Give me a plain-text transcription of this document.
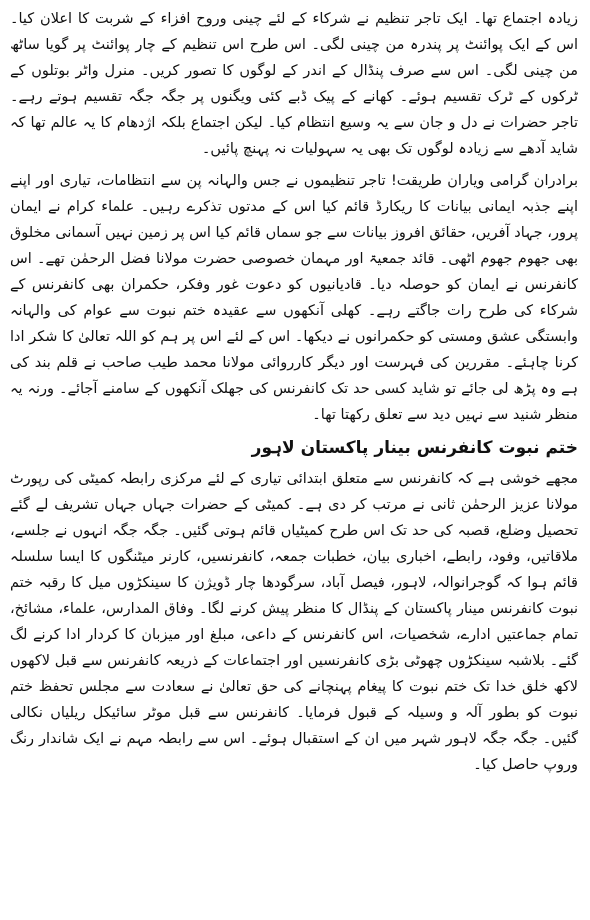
زیادہ اجتماع تھا۔ ایک تاجر تنظیم نے شرکاء کے لئے چینی وروح افزاء کے شربت کا اعلان کیا۔ اس کے ایک پوائنٹ پر پندرہ من چینی لگی۔ اس طرح اس تنظیم کے چار پوائنٹ پر گویا ساٹھ من چینی لگی۔ اس سے صرف پنڈال کے اندر کے لوگوں کا تصور کریں۔ منرل واٹر بوتلوں کے ٹرکوں کے ٹرک تقسیم ہوئے۔ کھانے کے پیک ڈبے کئی ویگنوں پر جگہ جگہ تقسیم ہوتے رہے۔ تاجر حضرات نے دل و جان سے یہ وسیع انتظام کیا۔ لیکن اجتماع بلکہ اژدھام کا یہ عالم تھا کہ شاید آدھے سے زیادہ لوگوں تک بھی یہ سہولیات نہ پہنچ پائیں۔

برادران گرامی ویاران طریقت! تاجر تنظیموں نے جس والہانہ پن سے انتظامات، تیاری اور اپنے اپنے جذبہ ایمانی بیانات کا ریکارڈ قائم کیا اس کے مدتوں تذکرے رہیں۔ علماء کرام نے ایمان پرور، جہاد آفریں، حقائق افروز بیانات سے جو سماں قائم کیا اس پر زمین نہیں آسمانی مخلوق بھی جھوم جھوم اٹھی۔ قائد جمعیۃ اور مہمان خصوصی حضرت مولانا فضل الرحمٰن تھے۔ اس کانفرنس نے ایمان کو حوصلہ دیا۔ قادیانیوں کو دعوت غور وفکر، حکمران بھی کانفرنس کے شرکاء کی طرح رات جاگتے رہے۔ کھلی آنکھوں سے عقیدہ ختم نبوت سے عوام کی والہانہ وابستگی عشق ومستی کو حکمرانوں نے دیکھا۔ اس کے لئے اس پر ہم کو اللہ تعالیٰ کا شکر ادا کرنا چاہئے۔ مقررین کی فہرست اور دیگر کارروائی مولانا محمد طیب صاحب نے قلم بند کی ہے وہ پڑھ لی جائے تو شاید کسی حد تک کانفرنس کی جھلک آنکھوں کے سامنے آجائے۔ ورنہ یہ منظر شنید سے نہیں دید سے تعلق رکھتا تھا۔

ختم نبوت کانفرنس بینار پاکستان لاہور

مجھے خوشی ہے کہ کانفرنس سے متعلق ابتدائی تیاری کے لئے مرکزی رابطہ کمیٹی کی رپورٹ مولانا عزیز الرحمٰن ثانی نے مرتب کر دی ہے۔ کمیٹی کے حضرات جہاں جہاں تشریف لے گئے تحصیل وضلع، قصبہ کی حد تک اس طرح کمیٹیاں قائم ہوتی گئیں۔ جگہ جگہ انہوں نے جلسے، ملاقاتیں، وفود، رابطے، اخباری بیان، خطبات جمعہ، کانفرنسیں، کارنر میٹنگوں کا ایسا سلسلہ قائم ہوا کہ گوجرانوالہ، لاہور، فیصل آباد، سرگودھا چار ڈویژن کا سینکڑوں میل کا رقبہ ختم نبوت کانفرنس مینار پاکستان کے پنڈال کا منظر پیش کرنے لگا۔ وفاق المدارس، علماء، مشائخ، تمام جماعتیں ادارے، شخصیات، اس کانفرنس کے داعی، مبلغ اور میزبان کا کردار ادا کرنے لگ گئے۔ بلاشبہ سینکڑوں چھوٹی بڑی کانفرنسیں اور اجتماعات کے ذریعہ کانفرنس سے قبل لاکھوں لاکھ خلق خدا تک ختم نبوت کا پیغام پہنچانے کی حق تعالیٰ نے سعادت سے مجلس تحفظ ختم نبوت کو بطور آلہ و وسیلہ کے قبول فرمایا۔ کانفرنس سے قبل موٹر سائیکل ریلیاں نکالی گئیں۔ جگہ جگہ لاہور شہر میں ان کے استقبال ہوئے۔ اس سے رابطہ مہم نے ایک شاندار رنگ وروپ حاصل کیا۔
